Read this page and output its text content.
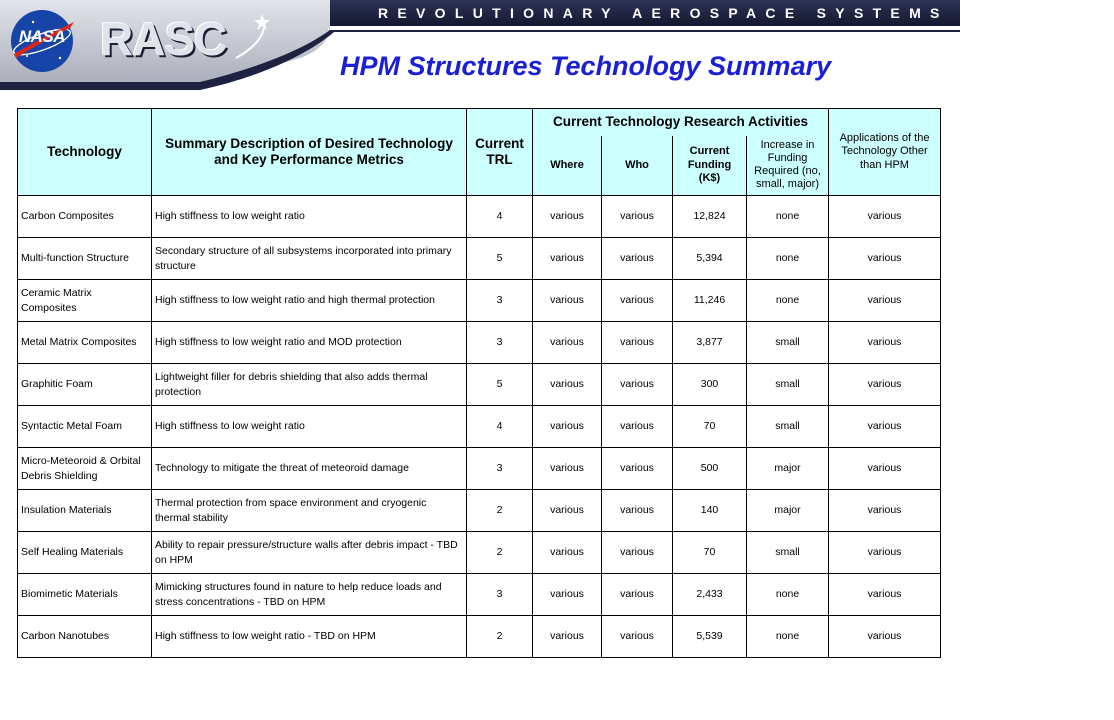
REVOLUTIONARY AEROSPACE SYSTEMS CONCEPTS
NASA RASC
HPM Structures Technology Summary
Technology	Summary Description of Desired Technology and Key Performance Metrics	Current TRL	Current Technology Research Activities				Applications of the Technology Other than HPM
			Where	Who	Current Funding (K$)	Increase in Funding Required (no, small, major)	
Carbon Composites	High stiffness to low weight ratio	4	various	various	12,824	none	various
Multi-function Structure	Secondary structure of all subsystems incorporated into primary structure	5	various	various	5,394	none	various
Ceramic Matrix Composites	High stiffness to low weight ratio and high thermal protection	3	various	various	11,246	none	various
Metal Matrix Composites	High stiffness to low weight ratio and MOD protection	3	various	various	3,877	small	various
Graphitic Foam	Lightweight filler for debris shielding that also adds thermal protection	5	various	various	300	small	various
Syntactic Metal Foam	High stiffness to low weight ratio	4	various	various	70	small	various
Micro-Meteoroid & Orbital Debris Shielding	Technology to mitigate the threat of meteoroid damage	3	various	various	500	major	various
Insulation Materials	Thermal protection from space environment and cryogenic thermal stability	2	various	various	140	major	various
Self Healing Materials	Ability to repair pressure/structure walls after debris impact - TBD on HPM	2	various	various	70	small	various
Biomimetic Materials	Mimicking structures found in nature to help reduce loads and stress concentrations - TBD on HPM	3	various	various	2,433	none	various
Carbon Nanotubes	High stiffness to low weight ratio - TBD on HPM	2	various	various	5,539	none	various
